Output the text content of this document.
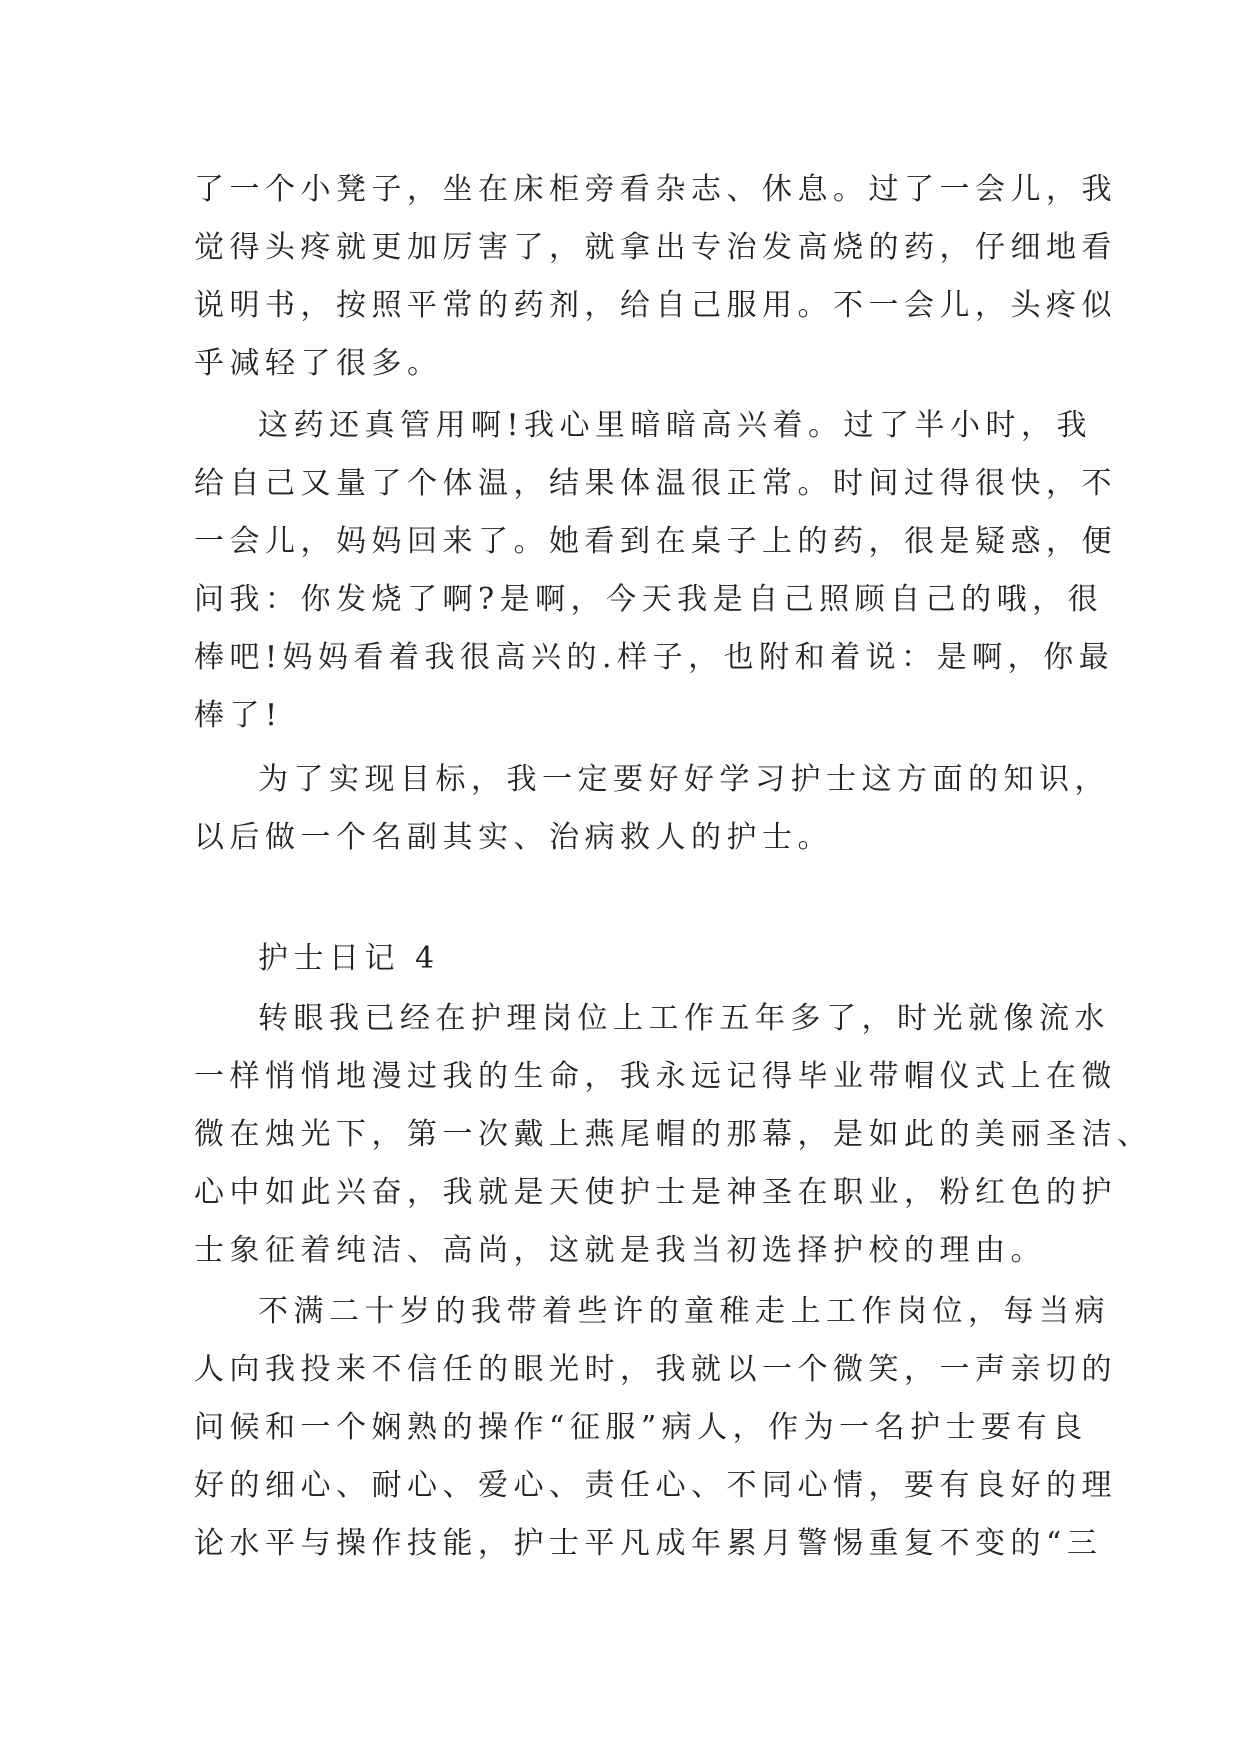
了一个小凳子，坐在床柜旁看杂志、休息。过了一会儿，我
觉得头疼就更加厉害了，就拿出专治发高烧的药，仔细地看
说明书，按照平常的药剂，给自己服用。不一会儿，头疼似
乎减轻了很多。
这药还真管用啊!我心里暗暗高兴着。过了半小时，我
给自己又量了个体温，结果体温很正常。时间过得很快，不
一会儿，妈妈回来了。她看到在桌子上的药，很是疑惑，便
问我：你发烧了啊?是啊，今天我是自己照顾自己的哦，很
棒吧!妈妈看着我很高兴的.样子，也附和着说：是啊，你最
棒了!
为了实现目标，我一定要好好学习护士这方面的知识，
以后做一个名副其实、治病救人的护士。
护士日记 4
转眼我已经在护理岗位上工作五年多了，时光就像流水
一样悄悄地漫过我的生命，我永远记得毕业带帽仪式上在微
微在烛光下，第一次戴上燕尾帽的那幕，是如此的美丽圣洁、
心中如此兴奋，我就是天使护士是神圣在职业，粉红色的护
士象征着纯洁、高尚，这就是我当初选择护校的理由。
不满二十岁的我带着些许的童稚走上工作岗位，每当病
人向我投来不信任的眼光时，我就以一个微笑，一声亲切的
问候和一个娴熟的操作“征服”病人，作为一名护士要有良
好的细心、耐心、爱心、责任心、不同心情，要有良好的理
论水平与操作技能，护士平凡成年累月警惕重复不变的“三
